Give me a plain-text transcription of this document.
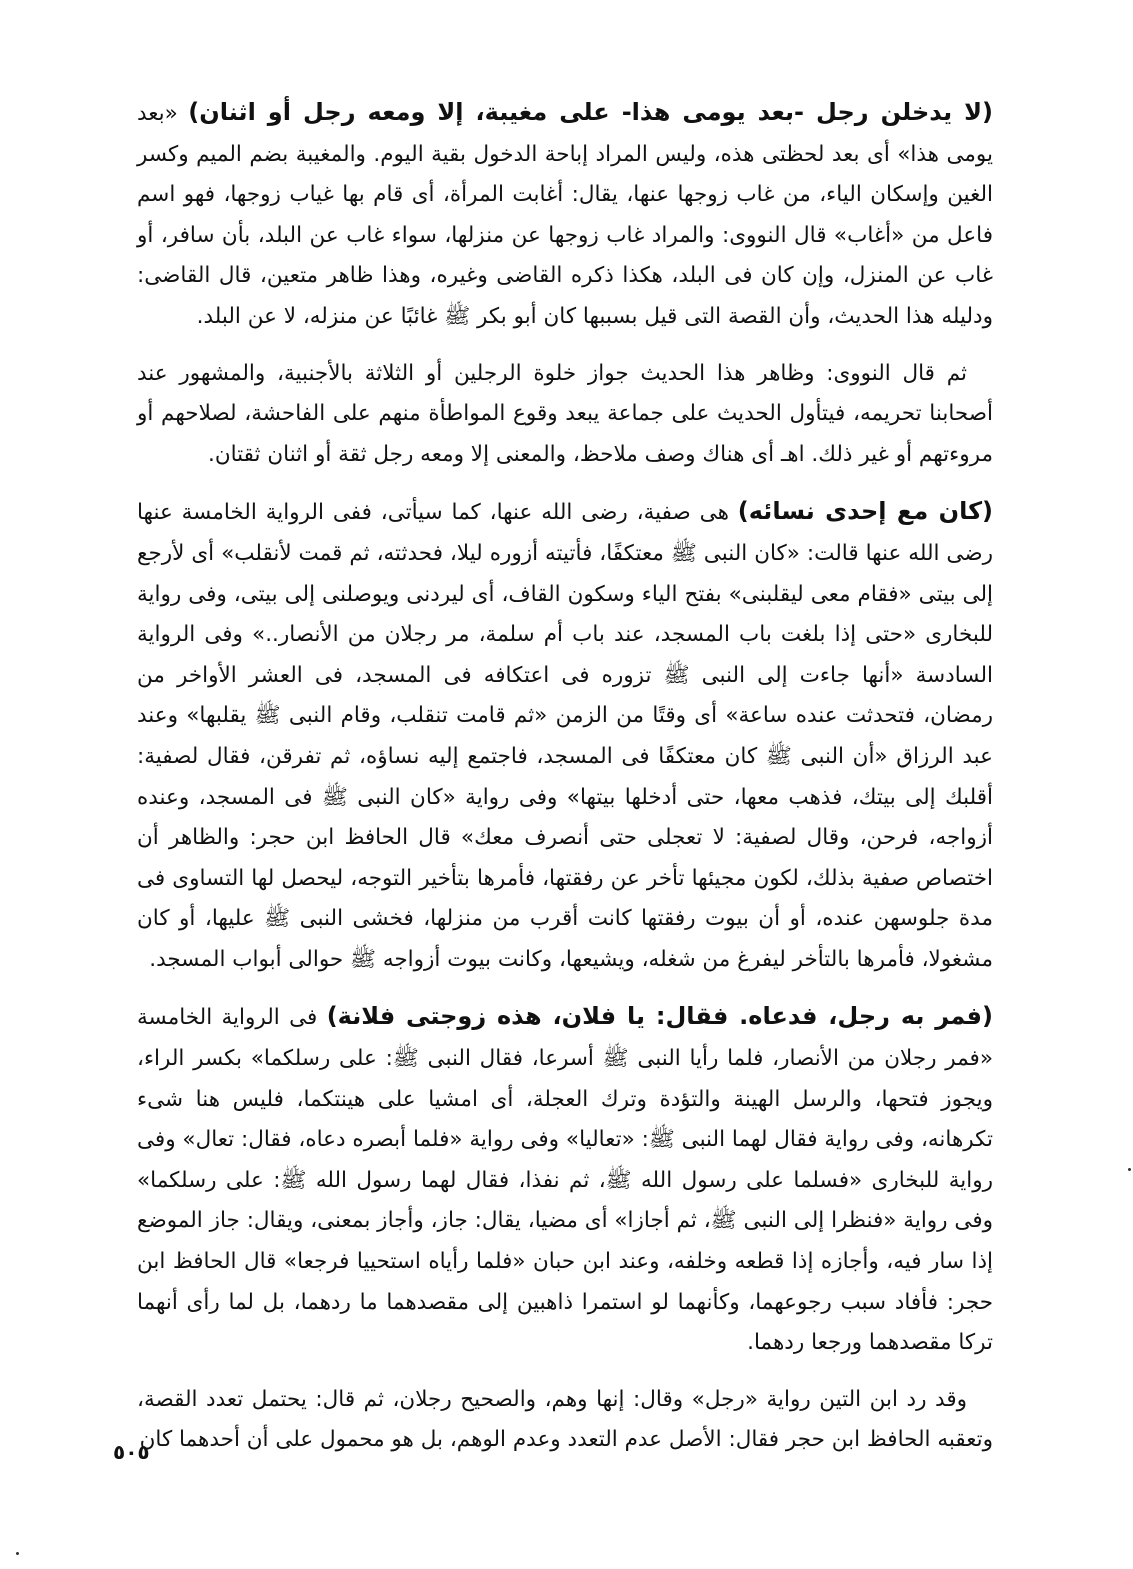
(لا يدخلن رجل -بعد يومى هذا- على مغيبة، إلا ومعه رجل أو اثنان) «بعد يومى هذا» أى بعد لحظتى هذه، وليس المراد إباحة الدخول بقية اليوم. والمغيبة بضم الميم وكسر الغين وإسكان الياء، من غاب زوجها عنها، يقال: أغابت المرأة، أى قام بها غياب زوجها، فهو اسم فاعل من «أغاب» قال النووى: والمراد غاب زوجها عن منزلها، سواء غاب عن البلد، بأن سافر، أو غاب عن المنزل، وإن كان فى البلد، هكذا ذكره القاضى وغيره، وهذا ظاهر متعين، قال القاضى: ودليله هذا الحديث، وأن القصة التى قيل بسببها كان أبو بكر ﷺ غائبًا عن منزله، لا عن البلد.

ثم قال النووى: وظاهر هذا الحديث جواز خلوة الرجلين أو الثلاثة بالأجنبية، والمشهور عند أصحابنا تحريمه، فيتأول الحديث على جماعة يبعد وقوع المواطأة منهم على الفاحشة، لصلاحهم أو مروءتهم أو غير ذلك. اهـ أى هناك وصف ملاحظ، والمعنى إلا ومعه رجل ثقة أو اثنان ثقتان.

(كان مع إحدى نسائه) هى صفية، رضى الله عنها، كما سيأتى، ففى الرواية الخامسة عنها رضى الله عنها قالت: «كان النبى ﷺ معتكفًا، فأتيته أزوره ليلا، فحدثته، ثم قمت لأنقلب» أى لأرجع إلى بيتى «فقام معى ليقلبنى» بفتح الياء وسكون القاف، أى ليردنى ويوصلنى إلى بيتى، وفى رواية للبخارى «حتى إذا بلغت باب المسجد، عند باب أم سلمة، مر رجلان من الأنصار..» وفى الرواية السادسة «أنها جاءت إلى النبى ﷺ تزوره فى اعتكافه فى المسجد، فى العشر الأواخر من رمضان، فتحدثت عنده ساعة» أى وقتًا من الزمن «ثم قامت تنقلب، وقام النبى ﷺ يقلبها» وعند عبد الرزاق «أن النبى ﷺ كان معتكفًا فى المسجد، فاجتمع إليه نساؤه، ثم تفرقن، فقال لصفية: أقلبك إلى بيتك، فذهب معها، حتى أدخلها بيتها» وفى رواية «كان النبى ﷺ فى المسجد، وعنده أزواجه، فرحن، وقال لصفية: لا تعجلى حتى أنصرف معك» قال الحافظ ابن حجر: والظاهر أن اختصاص صفية بذلك، لكون مجيئها تأخر عن رفقتها، فأمرها بتأخير التوجه، ليحصل لها التساوى فى مدة جلوسهن عنده، أو أن بيوت رفقتها كانت أقرب من منزلها، فخشى النبى ﷺ عليها، أو كان مشغولا، فأمرها بالتأخر ليفرغ من شغله، ويشيعها، وكانت بيوت أزواجه ﷺ حوالى أبواب المسجد.

(فمر به رجل، فدعاه. فقال: يا فلان، هذه زوجتى فلانة) فى الرواية الخامسة «فمر رجلان من الأنصار، فلما رأيا النبى ﷺ أسرعا، فقال النبى ﷺ: على رسلكما» بكسر الراء، ويجوز فتحها، والرسل الهينة والتؤدة وترك العجلة، أى امشيا على هينتكما، فليس هنا شىء تكرهانه، وفى رواية فقال لهما النبى ﷺ: «تعاليا» وفى رواية «فلما أبصره دعاه، فقال: تعال» وفى رواية للبخارى «فسلما على رسول الله ﷺ، ثم نفذا، فقال لهما رسول الله ﷺ: على رسلكما» وفى رواية «فنظرا إلى النبى ﷺ، ثم أجازا» أى مضيا، يقال: جاز، وأجاز بمعنى، ويقال: جاز الموضع إذا سار فيه، وأجازه إذا قطعه وخلفه، وعند ابن حبان «فلما رأياه استحييا فرجعا» قال الحافظ ابن حجر: فأفاد سبب رجوعهما، وكأنهما لو استمرا ذاهبين إلى مقصدهما ما ردهما، بل لما رأى أنهما تركا مقصدهما ورجعا ردهما.

وقد رد ابن التين رواية «رجل» وقال: إنها وهم، والصحيح رجلان، ثم قال: يحتمل تعدد القصة، وتعقبه الحافظ ابن حجر فقال: الأصل عدم التعدد وعدم الوهم، بل هو محمول على أن أحدهما كان

٥٠٥
